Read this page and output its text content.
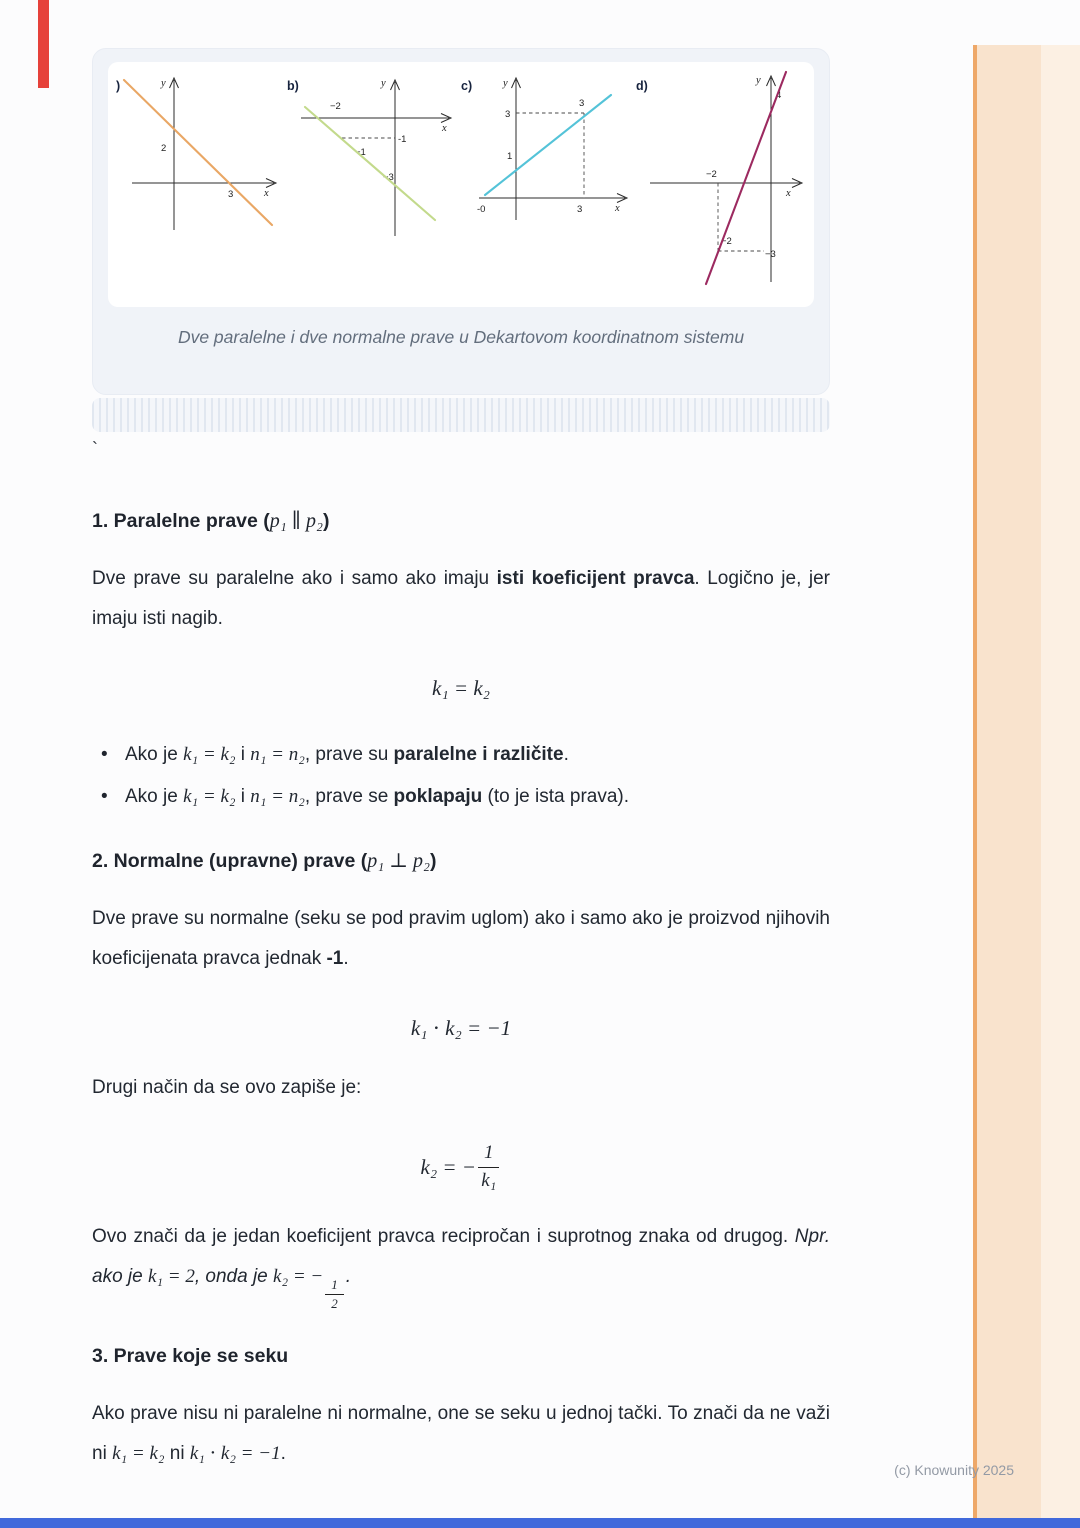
)	y
x
2
3
b)
x
y
−2
-1
−1
−3
c)	y
x
3
3
1
-0	3
d)	y
x
4
−2
−2
−3
Dve paralelne i dve normalne prave u Dekartovom koordinatnom sistemu
`
1. Paralelne prave (p₁ ∥ p₂)

Dve prave su paralelne ako i samo ako imaju isti koeficijent pravca. Logično je, jer imaju isti nagib.

k₁ = k₂
• Ako je k₁ = k₂ i n₁ = n₂, prave su paralelne i različite.
• Ako je k₁ = k₂ i n₁ = n₂, prave se poklapaju (to je ista prava).
2. Normalne (upravne) prave (p₁ ⊥ p₂)

Dve prave su normalne (seku se pod pravim uglom) ako i samo ako je proizvod njihovih koeficijenata pravca jednak -1.

k₁ ⋅ k₂ = −1

Drugi način da se ovo zapiše je:

k₂ = − $\frac{1}{\text{k₁}}$

Ovo znači da je jedan koeficijent pravca recipročan i suprotnog znaka od drugog. Npr. ako je k₁ = 2, onda je k₂ = −
$\frac{1}{2}$
.

3. Prave koje se seku

Ako prave nisu ni paralelne ni normalne, one se seku u jednoj tački. To znači da ne važi ni k₁ = k₂ ni k₁ ⋅ k₂ = −1.

(c) Knowunity 2025
